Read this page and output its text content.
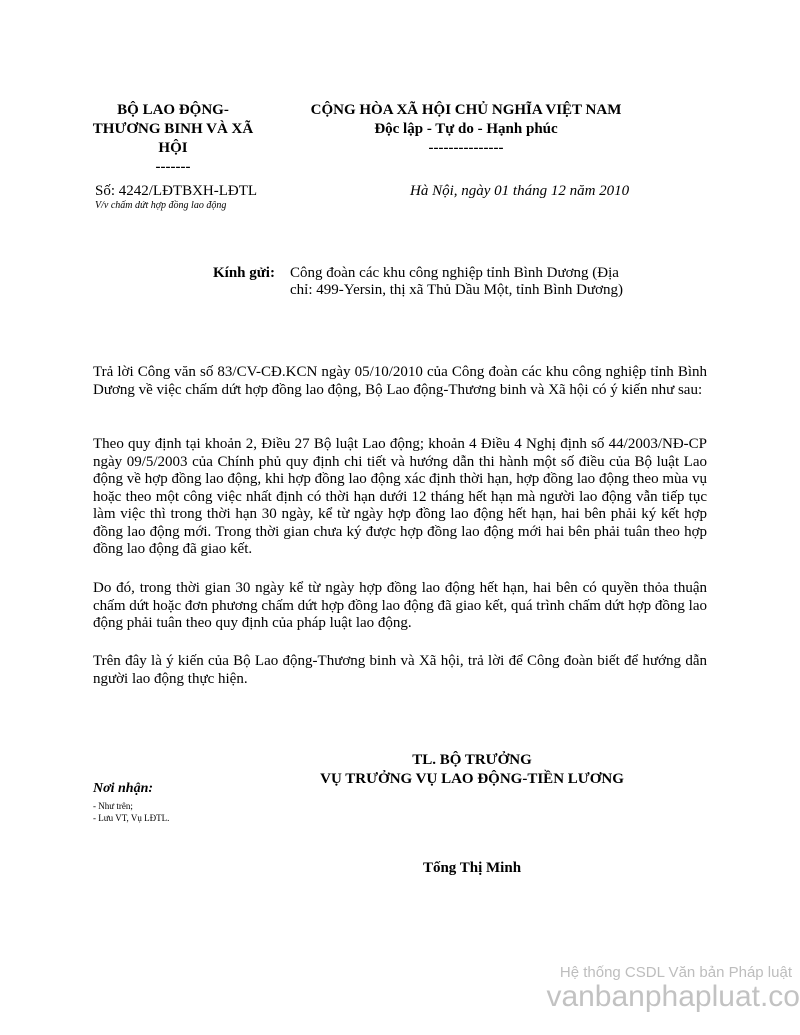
BỘ LAO ĐỘNG-
THƯƠNG BINH VÀ XÃ
HỘI
-------
CỘNG HÒA XÃ HỘI CHỦ NGHĨA VIỆT NAM
Độc lập - Tự do - Hạnh phúc
---------------
Số: 4242/LĐTBXH-LĐTL
V/v chấm dứt hợp đồng lao động
Hà Nội, ngày 01 tháng 12 năm 2010
Kính gửi: Công đoàn các khu công nghiệp tỉnh Bình Dương (Địa chỉ: 499-Yersin, thị xã Thủ Dầu Một, tỉnh Bình Dương)
Trả lời Công văn số 83/CV-CĐ.KCN ngày 05/10/2010 của Công đoàn các khu công nghiệp tỉnh Bình Dương về việc chấm dứt hợp đồng lao động, Bộ Lao động-Thương binh và Xã hội có ý kiến như sau:
Theo quy định tại khoản 2, Điều 27 Bộ luật Lao động; khoản 4 Điều 4 Nghị định số 44/2003/NĐ-CP ngày 09/5/2003 của Chính phủ quy định chi tiết và hướng dẫn thi hành một số điều của Bộ luật Lao động về hợp đồng lao động, khi hợp đồng lao động xác định thời hạn, hợp đồng lao động theo mùa vụ hoặc theo một công việc nhất định có thời hạn dưới 12 tháng hết hạn mà người lao động vẫn tiếp tục làm việc thì trong thời hạn 30 ngày, kể từ ngày hợp đồng lao động hết hạn, hai bên phải ký kết hợp đồng lao động mới. Trong thời gian chưa ký được hợp đồng lao động mới hai bên phải tuân theo hợp đồng lao động đã giao kết.
Do đó, trong thời gian 30 ngày kể từ ngày hợp đồng lao động hết hạn, hai bên có quyền thỏa thuận chấm dứt hoặc đơn phương chấm dứt hợp đồng lao động đã giao kết, quá trình chấm dứt hợp đồng lao động phải tuân theo quy định của pháp luật lao động.
Trên đây là ý kiến của Bộ Lao động-Thương binh và Xã hội, trả lời để Công đoàn biết để hướng dẫn người lao động thực hiện.
TL. BỘ TRƯỞNG
VỤ TRƯỞNG VỤ LAO ĐỘNG-TIỀN LƯƠNG
Nơi nhận:
- Như trên;
- Lưu VT, Vụ LĐTL.
Tống Thị Minh
Hệ thống CSDL Văn bản Pháp luật
vanbanphapluat.co
